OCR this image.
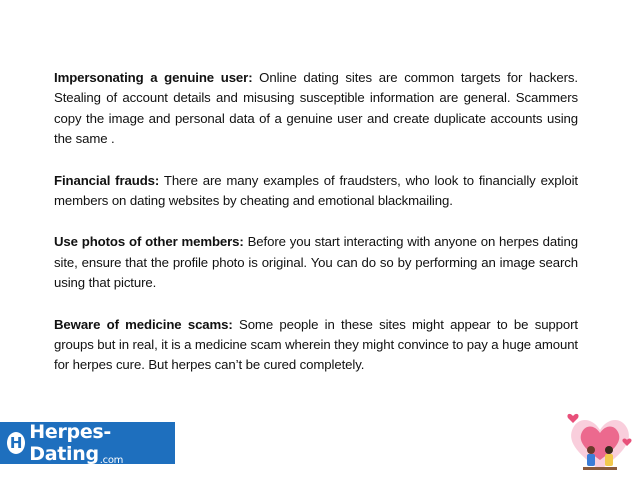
Impersonating a genuine user: Online dating sites are common targets for hackers. Stealing of account details and misusing susceptible information are general. Scammers copy the image and personal data of a genuine user and create duplicate accounts using the same .

Financial frauds: There are many examples of fraudsters, who look to financially exploit members on dating websites by cheating and emotional blackmailing.

Use photos of other members: Before you start interacting with anyone on herpes dating site, ensure that the profile photo is original. You can do so by performing an image search using that picture.

Beware of medicine scams: Some people in these sites might appear to be support groups but in real, it is a medicine scam wherein they might convince to pay a huge amount for herpes cure. But herpes can’t be cured completely.

H Herpes-Dating.com
